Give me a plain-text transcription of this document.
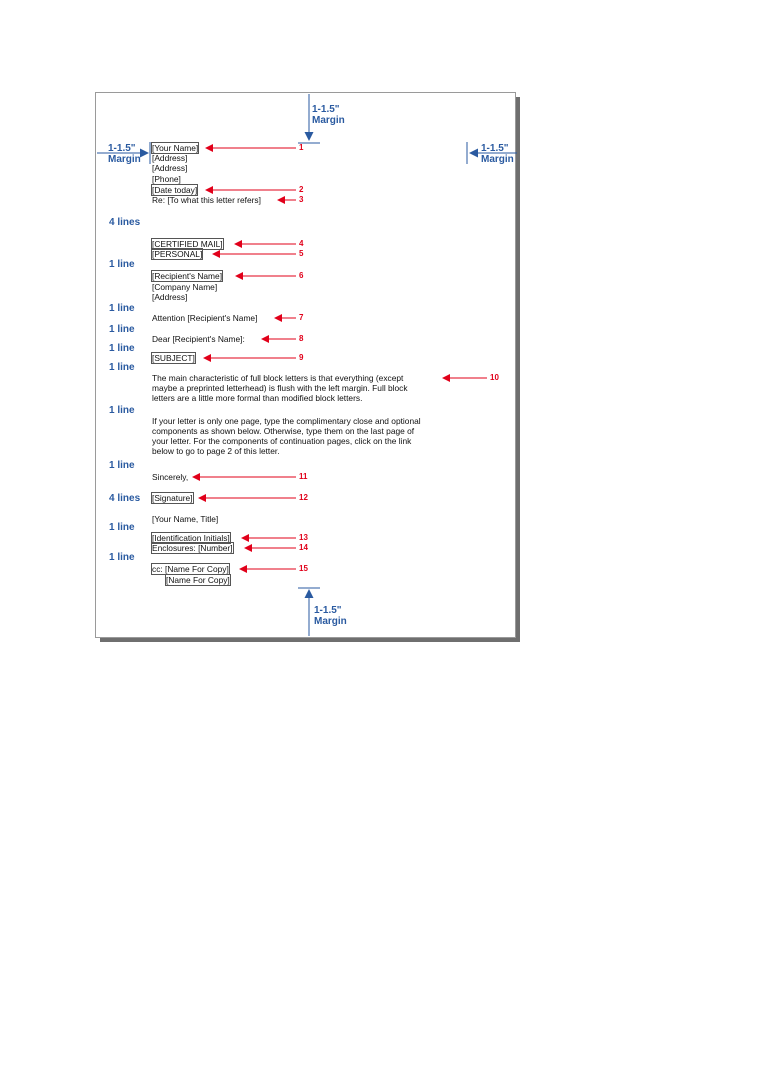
1-1.5"
Margin
1-1.5"
Margin
1-1.5"
Margin
1-1.5"
Margin
4 lines
1 line
1 line
1 line
1 line
1 line
1 line
1 line
4 lines
1 line
1 line
[Your Name]
[Address]
[Address]
[Phone]
[Date today]
Re: [To what this letter refers]
[CERTIFIED MAIL]
[PERSONAL]
[Recipient's Name]
[Company Name]
[Address]
Attention [Recipient's Name]
Dear [Recipient's Name]:
[SUBJECT]
The main characteristic of full block letters is that everything (except
maybe a preprinted letterhead) is flush with the left margin. Full block
letters are a little more formal than modified block letters.
If your letter is only one page, type the complimentary close and optional
components as shown below. Otherwise, type them on the last page of
your letter. For the components of continuation pages, click on the link
below to go to page 2 of this letter.
Sincerely,
[Signature]
[Your Name, Title]
[Identification Initials]
Enclosures: [Number]
cc: [Name For Copy]
[Name For Copy]
1
2
3
4
5
6
7
8
9
10
11
12
13
14
15
